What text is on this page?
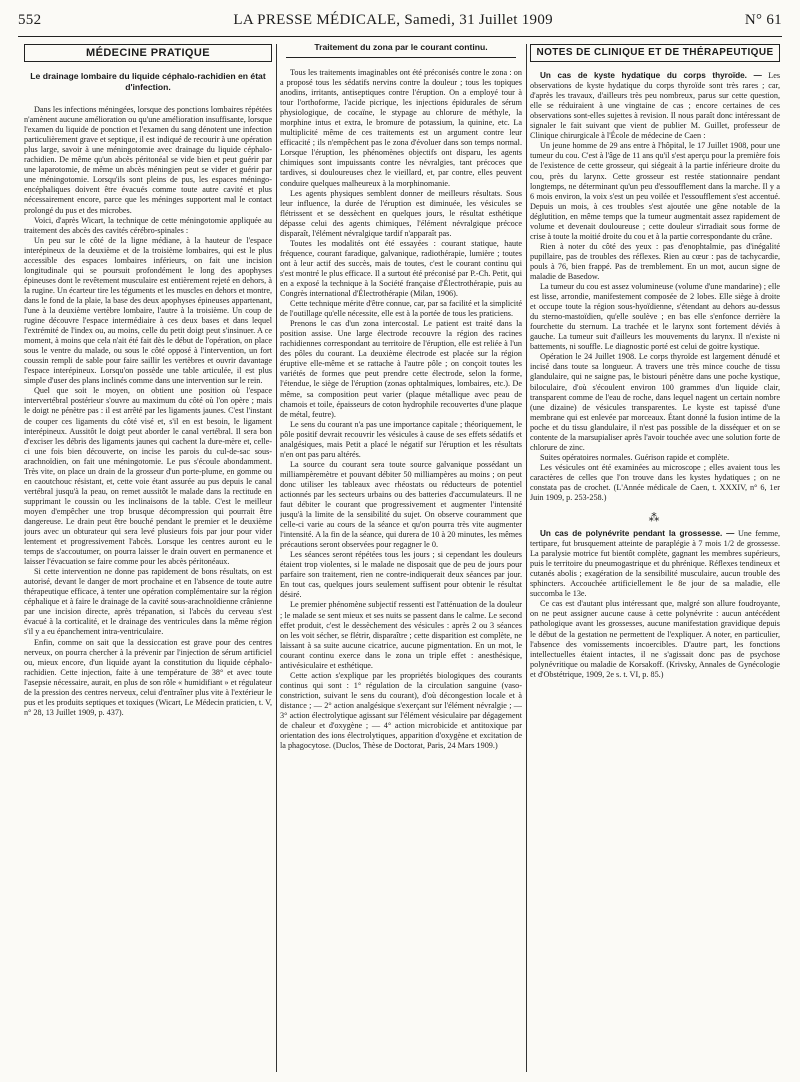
552	LA PRESSE MÉDICALE, Samedi, 31 Juillet 1909	N° 61
MÉDECINE PRATIQUE
Le drainage lombaire du liquide céphalo-rachidien en état d'infection.

Dans les infections méningées, lorsque des ponctions lombaires répétées n'amènent aucune amélioration ou qu'une amélioration insuffisante, lorsque l'examen du liquide de ponction et l'examen du sang dénotent une infection particulièrement grave et septique, il est indiqué de recourir à une opération plus large, savoir à une méningotomie avec drainage du liquide céphalo-rachidien. De même qu'un abcès péritonéal se vide bien et peut guérir par une laparotomie, de même un abcès méningien peut se vider et guérir par une méningotomie. Lorsqu'ils sont pleins de pus, les espaces méningo-encéphaliques doivent être évacués comme toute autre cavité et plus nécessairement encore, parce que les méninges supportent mal le contact prolongé du pus et des microbes.

Voici, d'après Wicart, la technique de cette méningotomie appliquée au traitement des abcès des cavités cérébro-spinales :

Un peu sur le côté de la ligne médiane, à la hauteur de l'espace interépineux de la deuxième et de la troisième lombaires, qui est le plus accessible des espaces lombaires inférieurs, on fait une incision longitudinale qui se poursuit profondément le long des apophyses épineuses dont le revêtement musculaire est entièrement rejeté en dehors, à la rugine. Un écarteur tire les téguments et les muscles en dehors et montre, dans le fond de la plaie, la base des deux apophyses épineuses appartenant, l'une à la deuxième vertèbre lombaire, l'autre à la troisième. Un coup de rugine découvre l'espace intermédiaire à ces deux bases et dans lequel l'extrémité de l'index ou, au moins, celle du petit doigt peut s'insinuer. A ce moment, à moins que cela n'ait été fait dès le début de l'opération, on place sous le ventre du malade, ou sous le côté opposé à l'intervention, un fort coussin rempli de sable pour faire saillir les vertèbres et ouvrir davantage l'espace interépineux. Lorsqu'on possède une table articulée, il est plus simple d'user des plans inclinés comme dans une intervention sur le rein.

Quel que soit le moyen, on obtient une position où l'espace intervertébral postérieur s'ouvre au maximum du côté où l'on opère ; mais le doigt ne pénètre pas : il est arrêté par les ligaments jaunes. C'est l'instant de couper ces ligaments du côté visé et, s'il en est besoin, le ligament interépineux. Aussitôt le doigt peut aborder le canal vertébral. Il sera bon d'exciser les débris des ligaments jaunes qui cachent la dure-mère et, celle-ci une fois bien découverte, on incise les parois du cul-de-sac sous-arachnoïdien, on fait une méningotomie. Le pus s'écoule abondamment. Très vite, on place un drain de la grosseur d'un porte-plume, en gomme ou en caoutchouc résistant, et, cette voie étant assurée au pus depuis le canal vertébral jusqu'à la peau, on remet aussitôt le malade dans la rectitude en supprimant le coussin ou les inclinaisons de la table. C'est le meilleur moyen d'empêcher une trop brusque décompression qui pourrait être dangereuse. Le drain peut être bouché pendant le premier et le deuxième jours avec un obturateur qui sera levé plusieurs fois par jour pour vider lentement et progressivement l'abcès. Lorsque les centres auront eu le temps de s'accoutumer, on pourra laisser le drain ouvert en permanence et laisser l'évacuation se faire comme pour les abcès péritonéaux.

Si cette intervention ne donne pas rapidement de bons résultats, on est autorisé, devant le danger de mort prochaine et en l'absence de toute autre thérapeutique efficace, à tenter une opération complémentaire sur la région céphalique et à faire le drainage de la cavité sous-arachnoïdienne crânienne par une incision directe, après trépanation, si l'abcès du cerveau s'est évacué à la corticalité, et le drainage des ventricules dans la même région s'il y a eu épanchement intra-ventriculaire.

Enfin, comme on sait que la dessiccation est grave pour des centres nerveux, on pourra chercher à la prévenir par l'injection de sérum artificiel ou, mieux encore, d'un liquide ayant la constitution du liquide céphalo-rachidien. Cette injection, faite à une température de 38° et avec toute l'asepsie nécessaire, aurait, en plus de son rôle « humidifiant » et régulateur de la pression des centres nerveux, celui d'entraîner plus vite à l'extérieur le pus et les produits septiques et toxiques (Wicart, Le Médecin praticien, t. V, n° 28, 13 Juillet 1909, p. 437).

Traitement du zona par le courant continu.

Tous les traitements imaginables ont été préconisés contre le zona : on a proposé tous les sédatifs nervins contre la douleur ; tous les topiques anodins, irritants, antiseptiques contre l'éruption. On a employé tour à tour l'orthoforme, l'acide picrique, les injections épidurales de sérum physiologique, de cocaïne, le stypage au chlorure de méthyle, la morphine intus et extra, le bromure de potassium, la quinine, etc. La multiplicité même de ces traitements est un argument contre leur efficacité ; ils n'empêchent pas le zona d'évoluer dans son temps normal. Lorsque l'éruption, les phénomènes objectifs ont disparu, les agents chimiques sont impuissants contre les névralgies, tant précoces que tardives, si douloureuses chez le vieillard, et, par contre, elles peuvent conduire quelques malheureux à la morphinomanie.

Les agents physiques semblent donner de meilleurs résultats. Sous leur influence, la durée de l'éruption est diminuée, les vésicules se flétrissent et se dessèchent en quelques jours, le résultat esthétique dépasse celui des agents chimiques, l'élément névralgique précoce disparaît, l'élément névralgique tardif n'apparaît pas.

Toutes les modalités ont été essayées : courant statique, haute fréquence, courant faradique, galvanique, radiothérapie, lumière ; toutes ont à leur actif des succès, mais de toutes, c'est le courant continu qui s'est montré le plus efficace. Il a surtout été préconisé par P.-Ch. Petit, qui en a exposé la technique à la Société française d'Électrothérapie, puis au Congrès international d'Électrothérapie (Milan, 1906).

Cette technique mérite d'être connue, car, par sa facilité et la simplicité de l'outillage qu'elle nécessite, elle est à la portée de tous les praticiens.

Prenons le cas d'un zona intercostal. Le patient est traité dans la position assise. Une large électrode recouvre la région des racines rachidiennes correspondant au territoire de l'éruption, elle est reliée à l'un des pôles du courant. La deuxième électrode est placée sur la région éruptive elle-même et se rattache à l'autre pôle ; on conçoit toutes les variétés de formes que peut prendre cette électrode, selon la forme, l'étendue, le siège de l'éruption (zonas ophtalmiques, lombaires, etc.). De même, sa composition peut varier (plaque métallique avec peau de chamois et toile, épaisseurs de coton hydrophile recouvertes d'une plaque de métal, feutre).

Le sens du courant n'a pas une importance capitale ; théoriquement, le pôle positif devrait recouvrir les vésicules à cause de ses effets sédatifs et analgésiques, mais Petit a placé le négatif sur l'éruption et les résultats n'en ont pas paru altérés.

La source du courant sera toute source galvanique possédant un milliampèremètre et pouvant débiter 50 milliampères au moins ; on peut donc utiliser les tableaux avec rhéostats ou réducteurs de potentiel actionnés par les secteurs urbains ou des batteries d'accumulateurs. Il ne faut débiter le courant que progressivement et augmenter l'intensité jusqu'à la limite de la sensibilité du sujet. On observe couramment que celle-ci varie au cours de la séance et qu'on pourra très vite augmenter l'intensité. A la fin de la séance, qui durera de 10 à 20 minutes, les mêmes précautions seront observées pour regagner le 0.

Les séances seront répétées tous les jours ; si cependant les douleurs étaient trop violentes, si le malade ne disposait que de peu de jours pour parfaire son traitement, rien ne contre-indiquerait deux séances par jour. En tout cas, quelques jours seulement suffisent pour obtenir le résultat désiré.

Le premier phénomène subjectif ressenti est l'atténuation de la douleur ; le malade se sent mieux et ses nuits se passent dans le calme. Le second effet produit, c'est le dessèchement des vésicules : après 2 ou 3 séances on les voit sécher, se flétrir, disparaître ; cette disparition est complète, ne laissant à sa suite aucune cicatrice, aucune pigmentation. En un mot, le courant continu exerce dans le zona un triple effet : anesthésique, antivésiculaire et esthétique.

Cette action s'explique par les propriétés biologiques des courants continus qui sont : 1° régulation de la circulation sanguine (vaso-constriction, suivant le sens du courant), d'où décongestion locale et à distance ; — 2° action analgésique s'exerçant sur l'élément névralgie ; — 3° action électrolytique agissant sur l'élément vésiculaire par dégagement de chaleur et d'oxygène ; — 4° action microbicide et antitoxique par orientation des ions électrolytiques, apparition d'oxygène et excitation de la phagocytose. (Duclos, Thèse de Doctorat, Paris, 24 Mars 1909.)

NOTES DE CLINIQUE ET DE THÉRAPEUTIQUE

Un cas de kyste hydatique du corps thyroïde. — Les observations de kyste hydatique du corps thyroïde sont très rares ; car, d'après les travaux, d'ailleurs très peu nombreux, parus sur cette question, elle se réduiraient à une vingtaine de cas ; encore certaines de ces observations sont-elles sujettes à revision. Il nous paraît donc intéressant de signaler le fait suivant que vient de publier M. Guillet, professeur de Clinique chirurgicale à l'École de médecine de Caen :

Un jeune homme de 29 ans entre à l'hôpital, le 17 Juillet 1908, pour une tumeur du cou. C'est à l'âge de 11 ans qu'il s'est aperçu pour la première fois de l'existence de cette grosseur, qui siégeait à la partie inférieure droite du cou, près du larynx. Cette grosseur est restée stationnaire pendant longtemps, ne déterminant qu'un peu d'essoufflement dans la marche. Il y a 6 mois environ, la voix s'est un peu voilée et l'essoufflement s'est accentué. Depuis un mois, à ces troubles s'est ajoutée une gêne notable de la déglutition, en même temps que la tumeur augmentait assez rapidement de volume et devenait douloureuse ; cette douleur s'irradiait sous forme de crise à toute la moitié droite du cou et à la partie correspondante du crâne.

Rien à noter du côté des yeux : pas d'enophtalmie, pas d'inégalité pupillaire, pas de troubles des réflexes. Rien au cœur : pas de tachycardie, pouls à 76, bien frappé. Pas de tremblement. En un mot, aucun signe de maladie de Basedow.

La tumeur du cou est assez volumineuse (volume d'une mandarine) ; elle est lisse, arrondie, manifestement composée de 2 lobes. Elle siège à droite et occupe toute la région sous-hyoïdienne, s'étendant au dehors au-dessus du sterno-mastoïdien, qu'elle soulève ; en bas elle s'enfonce derrière la fourchette du sternum. La trachée et le larynx sont fortement déviés à gauche. La tumeur suit d'ailleurs les mouvements du larynx. Il n'existe ni battements, ni souffle. Le diagnostic porté est celui de goitre kystique.

Opération le 24 Juillet 1908. Le corps thyroïde est largement dénudé et incisé dans toute sa longueur. A travers une très mince couche de tissu glandulaire, qui ne saigne pas, le bistouri pénètre dans une poche kystique, biloculaire, d'où s'écoulent environ 100 grammes d'un liquide clair, transparent comme de l'eau de roche, dans lequel nagent un certain nombre (une dizaine) de vésicules transparentes. Le kyste est tapissé d'une membrane qui est enlevée par morceaux. Étant donné la fusion intime de la poche et du tissu glandulaire, il n'est pas possible de la disséquer et on se contente de la marsupialiser après l'avoir touchée avec une solution forte de chlorure de zinc.

Suites opératoires normales. Guérison rapide et complète.

Les vésicules ont été examinées au microscope ; elles avaient tous les caractères de celles que l'on trouve dans les kystes hydatiques ; on ne constata pas de crochet. (L'Année médicale de Caen, t. XXXIV, n° 6, 1er Juin 1909, p. 253-258.)

⁂

Un cas de polynévrite pendant la grossesse. — Une femme, tertipare, fut brusquement atteinte de paraplégie à 7 mois 1/2 de grossesse. La paralysie motrice fut bientôt complète, gagnant les membres supérieurs, puis le territoire du pneumogastrique et du phrénique. Réflexes tendineux et cutanés abolis ; exagération de la sensibilité musculaire, aucun trouble des sphincters. Accouchée artificiellement le 8e jour de sa maladie, elle succomba le 13e.

Ce cas est d'autant plus intéressant que, malgré son allure foudroyante, on ne peut assigner aucune cause à cette polynévrite : aucun antécédent pathologique avant les grossesses, aucune manifestation gravidique depuis le début de la gestation ne permettent de l'expliquer. A noter, en particulier, l'absence des vomissements incoercibles. D'autre part, les fonctions intellectuelles étaient intactes, il ne s'agissait donc pas de psychose polynévritique ou maladie de Korsakoff. (Krivsky, Annales de Gynécologie et d'Obstétrique, 1909, 2e s. t. VI, p. 85.)
